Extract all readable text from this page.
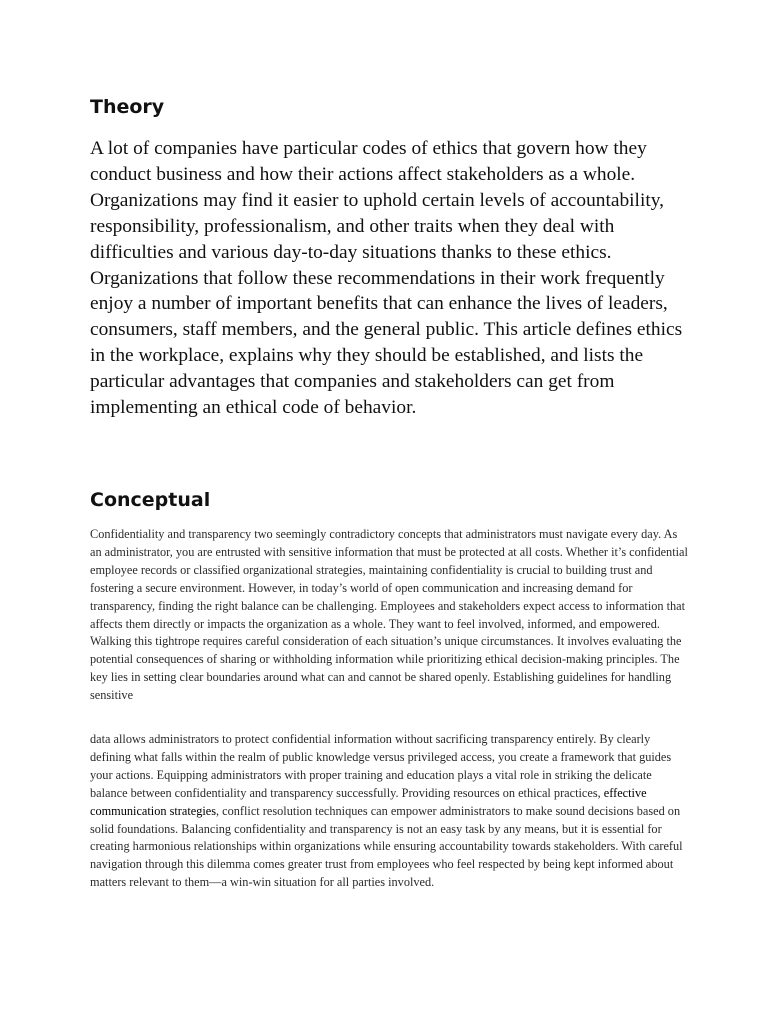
Theory

A lot of companies have particular codes of ethics that govern how they conduct business and how their actions affect stakeholders as a whole. Organizations may find it easier to uphold certain levels of accountability, responsibility, professionalism, and other traits when they deal with difficulties and various day-to-day situations thanks to these ethics. Organizations that follow these recommendations in their work frequently enjoy a number of important benefits that can enhance the lives of leaders, consumers, staff members, and the general public. This article defines ethics in the workplace, explains why they should be established, and lists the particular advantages that companies and stakeholders can get from implementing an ethical code of behavior.

Conceptual

Confidentiality and transparency two seemingly contradictory concepts that administrators must navigate every day. As an administrator, you are entrusted with sensitive information that must be protected at all costs. Whether it’s confidential employee records or classified organizational strategies, maintaining confidentiality is crucial to building trust and fostering a secure environment. However, in today’s world of open communication and increasing demand for transparency, finding the right balance can be challenging. Employees and stakeholders expect access to information that affects them directly or impacts the organization as a whole. They want to feel involved, informed, and empowered. Walking this tightrope requires careful consideration of each situation’s unique circumstances. It involves evaluating the potential consequences of sharing or withholding information while prioritizing ethical decision-making principles. The key lies in setting clear boundaries around what can and cannot be shared openly. Establishing guidelines for handling sensitive

data allows administrators to protect confidential information without sacrificing transparency entirely. By clearly defining what falls within the realm of public knowledge versus privileged access, you create a framework that guides your actions. Equipping administrators with proper training and education plays a vital role in striking the delicate balance between confidentiality and transparency successfully. Providing resources on ethical practices, effective communication strategies, conflict resolution techniques can empower administrators to make sound decisions based on solid foundations. Balancing confidentiality and transparency is not an easy task by any means, but it is essential for creating harmonious relationships within organizations while ensuring accountability towards stakeholders. With careful navigation through this dilemma comes greater trust from employees who feel respected by being kept informed about matters relevant to them—a win-win situation for all parties involved.
